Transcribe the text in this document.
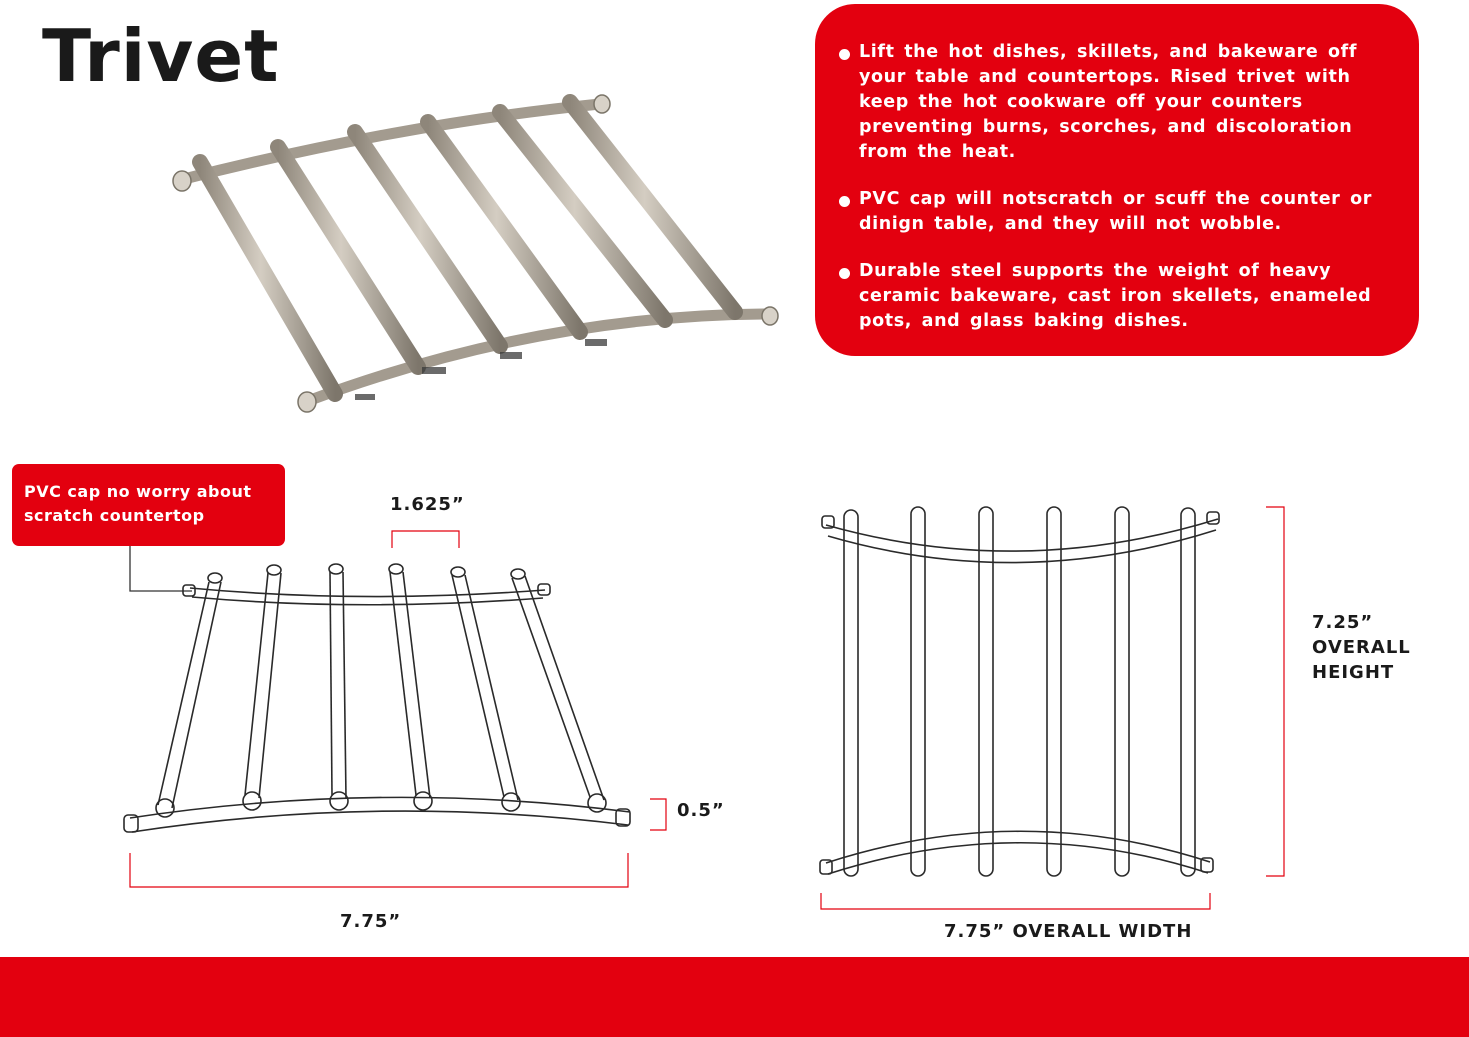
Trivet	Lift the hot dishes, skillets, and bakeware off your table and countertops. Rised trivet with keep the hot cookware off your counters preventing burns, scorches, and discoloration from the heat.
PVC cap will notscratch or scuff the counter or dinign table, and they will not wobble.
Durable steel supports the weight of heavy ceramic bakeware, cast iron skellets, enameled pots, and glass baking dishes.
PVC cap no worry about scratch countertop
1.625”
0.5”
7.75”
7.25”
OVERALL
HEIGHT
7.75” OVERALL WIDTH
